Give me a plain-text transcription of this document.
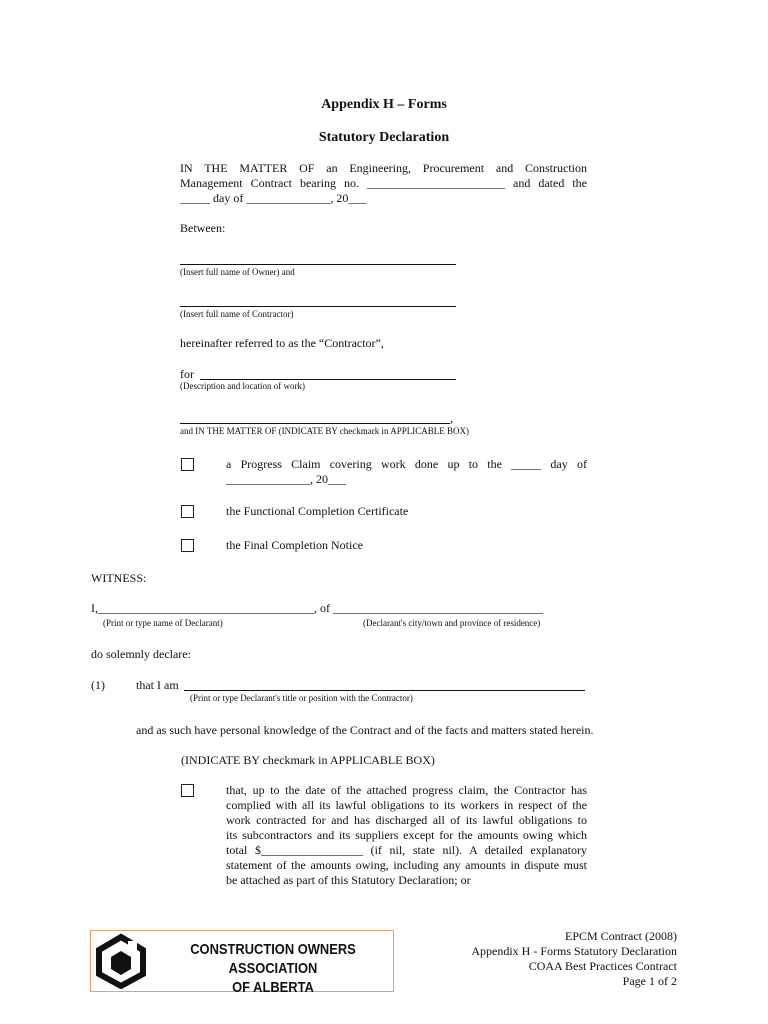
Appendix H – Forms
Statutory Declaration
IN THE MATTER OF an Engineering, Procurement and Construction
Management Contract bearing no. _______________________ and dated the
_____ day of ______________, 20___
Between:
(Insert full name of Owner) and
(Insert full name of Contractor)
hereinafter referred to as the “Contractor”,
for
(Description and location of work)
,
and IN THE MATTER OF (INDICATE BY checkmark in APPLICABLE BOX)
a Progress Claim covering work done up to the _____ day of
______________, 20___
the Functional Completion Certificate
the Final Completion Notice
WITNESS:
I,____________________________________, of ___________________________________
(Print or type name of Declarant)	(Declarant's city/town and province of residence)
do solemnly declare:
(1)	that I am
(Print or type Declarant's title or position with the Contractor)
and as such have personal knowledge of the Contract and of the facts and matters stated herein.
(INDICATE BY checkmark in APPLICABLE BOX)
that, up to the date of the attached progress claim, the Contractor has
complied with all its lawful obligations to its workers in respect of the
work contracted for and has discharged all of its lawful obligations to
its subcontractors and its suppliers except for the amounts owing which
total $_________________ (if nil, state nil). A detailed explanatory
statement of the amounts owing, including any amounts in dispute must
be attached as part of this Statutory Declaration; or
CONSTRUCTION OWNERS ASSOCIATION
OF ALBERTA
EPCM Contract (2008)
Appendix H - Forms Statutory Declaration
COAA Best Practices Contract
Page 1 of 2
